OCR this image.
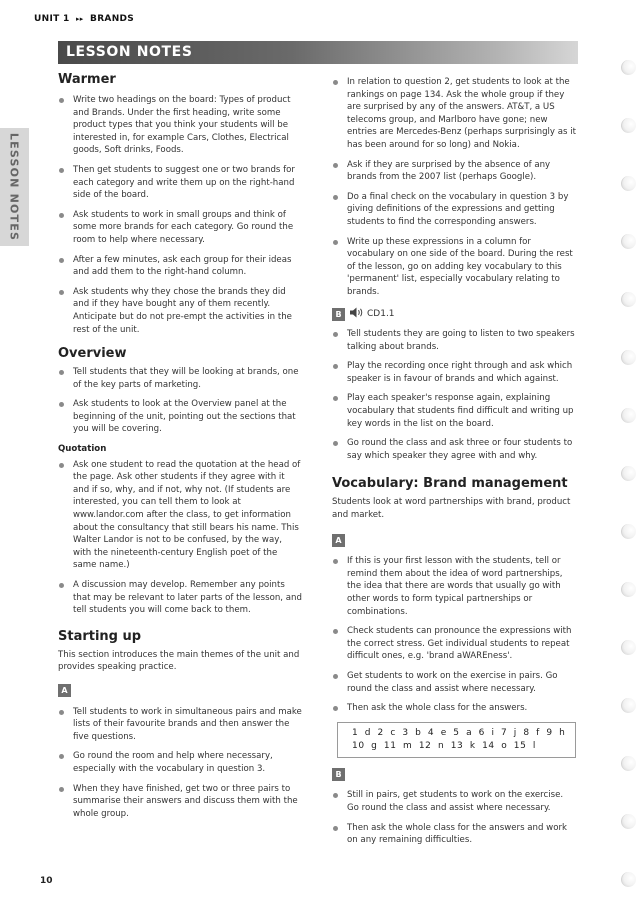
UNIT 1 ▸▸ BRANDS
LESSON NOTES
LESSON NOTES
Warmer
Write two headings on the board: Types of product and Brands. Under the first heading, write some product types that you think your students will be interested in, for example Cars, Clothes, Electrical goods, Soft drinks, Foods.
Then get students to suggest one or two brands for each category and write them up on the right-hand side of the board.
Ask students to work in small groups and think of some more brands for each category. Go round the room to help where necessary.
After a few minutes, ask each group for their ideas and add them to the right-hand column.
Ask students why they chose the brands they did and if they have bought any of them recently. Anticipate but do not pre-empt the activities in the rest of the unit.
Overview
Tell students that they will be looking at brands, one of the key parts of marketing.
Ask students to look at the Overview panel at the beginning of the unit, pointing out the sections that you will be covering.
Quotation
Ask one student to read the quotation at the head of the page. Ask other students if they agree with it and if so, why, and if not, why not. (If students are interested, you can tell them to look at www.landor.com after the class, to get information about the consultancy that still bears his name. This Walter Landor is not to be confused, by the way, with the nineteenth-century English poet of the same name.)
A discussion may develop. Remember any points that may be relevant to later parts of the lesson, and tell students you will come back to them.
Starting up
This section introduces the main themes of the unit and provides speaking practice.
A
Tell students to work in simultaneous pairs and make lists of their favourite brands and then answer the five questions.
Go round the room and help where necessary, especially with the vocabulary in question 3.
When they have finished, get two or three pairs to summarise their answers and discuss them with the whole group.
In relation to question 2, get students to look at the rankings on page 134. Ask the whole group if they are surprised by any of the answers. AT&T, a US telecoms group, and Marlboro have gone; new entries are Mercedes-Benz (perhaps surprisingly as it has been around for so long) and Nokia.
Ask if they are surprised by the absence of any brands from the 2007 list (perhaps Google).
Do a final check on the vocabulary in question 3 by giving definitions of the expressions and getting students to find the corresponding answers.
Write up these expressions in a column for vocabulary on one side of the board. During the rest of the lesson, go on adding key vocabulary to this 'permanent' list, especially vocabulary relating to brands.
B	CD1.1
Tell students they are going to listen to two speakers talking about brands.
Play the recording once right through and ask which speaker is in favour of brands and which against.
Play each speaker's response again, explaining vocabulary that students find difficult and writing up key words in the list on the board.
Go round the class and ask three or four students to say which speaker they agree with and why.
Vocabulary: Brand management
Students look at word partnerships with brand, product and market.
A
If this is your first lesson with the students, tell or remind them about the idea of word partnerships, the idea that there are words that usually go with other words to form typical partnerships or combinations.
Check students can pronounce the expressions with the correct stress. Get individual students to repeat difficult ones, e.g. 'brand aWAREness'.
Get students to work on the exercise in pairs. Go round the class and assist where necessary.
Then ask the whole class for the answers.
1 d 2 c 3 b 4 e 5 a 6 i 7 j 8 f 9 h
10 g 11 m 12 n 13 k 14 o 15 l
B
Still in pairs, get students to work on the exercise. Go round the class and assist where necessary.
Then ask the whole class for the answers and work on any remaining difficulties.
10
